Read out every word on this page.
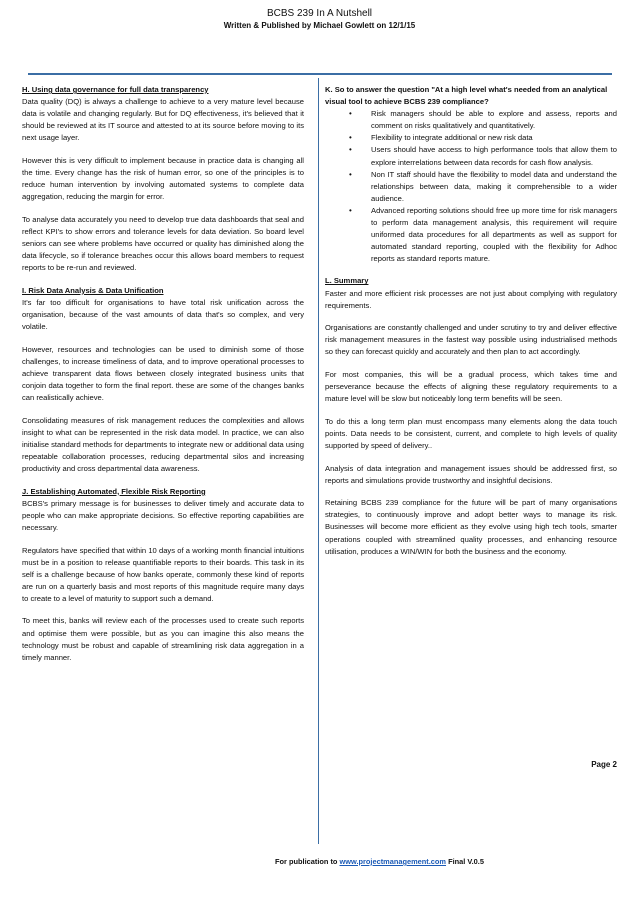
BCBS 239 In A Nutshell
Written & Published by Michael Gowlett on 12/1/15
H. Using data governance for full data transparency

Data quality (DQ) is always a challenge to achieve to a very mature level because data is volatile and changing regularly. But for DQ effectiveness, it's believed that it should be reviewed at its IT source and attested to at its source before moving to its next usage layer.

However this is very difficult to implement because in practice data is changing all the time. Every change has the risk of human error, so one of the principles is to reduce human intervention by involving automated systems to complete data aggregation, reducing the margin for error.

To analyse data accurately you need to develop true data dashboards that seal and reflect KPI's to show errors and tolerance levels for data deviation. So board level seniors can see where problems have occurred or quality has diminished along the data lifecycle, so if tolerance breaches occur this allows board members to request reports to be re-run and reviewed.

I. Risk Data Analysis & Data Unification

It's far too difficult for organisations to have total risk unification across the organisation, because of the vast amounts of data that's so complex, and very volatile.

However, resources and technologies can be used to diminish some of those challenges, to increase timeliness of data, and to improve operational processes to achieve transparent data flows between closely integrated business units that conjoin data together to form the final report. these are some of the changes banks can realistically achieve.

Consolidating measures of risk management reduces the complexities and allows insight to what can be represented in the risk data model. In practice, we can also initialise standard methods for departments to integrate new or additional data using repeatable collaboration processes, reducing departmental silos and increasing productivity and cross departmental data awareness.

J. Establishing Automated, Flexible Risk Reporting

BCBS's primary message is for businesses to deliver timely and accurate data to people who can make appropriate decisions. So effective reporting capabilities are necessary.

Regulators have specified that within 10 days of a working month financial intuitions must be in a position to release quantifiable reports to their boards. This task in its self is a challenge because of how banks operate, commonly these kind of reports are run on a quarterly basis and most reports of this magnitude require many days to create to a level of maturity to support such a demand.

To meet this, banks will review each of the processes used to create such reports and optimise them were possible, but as you can imagine this also means the technology must be robust and capable of streamlining risk data aggregation in a timely manner.

K. So to answer the question "At a high level what's needed from an analytical visual tool to achieve BCBS 239 compliance?
• Risk managers should be able to explore and assess, reports and comment on risks qualitatively and quantitatively.
• Flexibility to integrate additional or new risk data
• Users should have access to high performance tools that allow them to explore interrelations between data records for cash flow analysis.
• Non IT staff should have the flexibility to model data and understand the relationships between data, making it comprehensible to a wider audience.
• Advanced reporting solutions should free up more time for risk managers to perform data management analysis, this requirement will require uniformed data procedures for all departments as well as support for automated standard reporting, coupled with the flexibility for Adhoc reports as standard reports mature.
L. Summary

Faster and more efficient risk processes are not just about complying with regulatory requirements.

Organisations are constantly challenged and under scrutiny to try and deliver effective risk management measures in the fastest way possible using industrialised methods so they can forecast quickly and accurately and then plan to act accordingly.

For most companies, this will be a gradual process, which takes time and perseverance because the effects of aligning these regulatory requirements to a mature level will be slow but noticeably long term benefits will be seen.

To do this a long term plan must encompass many elements along the data touch points. Data needs to be consistent, current, and complete to high levels of quality supported by speed of delivery..

Analysis of data integration and management issues should be addressed first, so reports and simulations provide trustworthy and insightful decisions.

Retaining BCBS 239 compliance for the future will be part of many organisations strategies, to continuously improve and adopt better ways to manage its risk. Businesses will become more efficient as they evolve using high tech tools, smarter operations coupled with streamlined quality processes, and enhancing resource utilisation, produces a WIN/WIN for both the business and the economy.

Page 2
For publication to www.projectmanagement.com Final V.0.5
